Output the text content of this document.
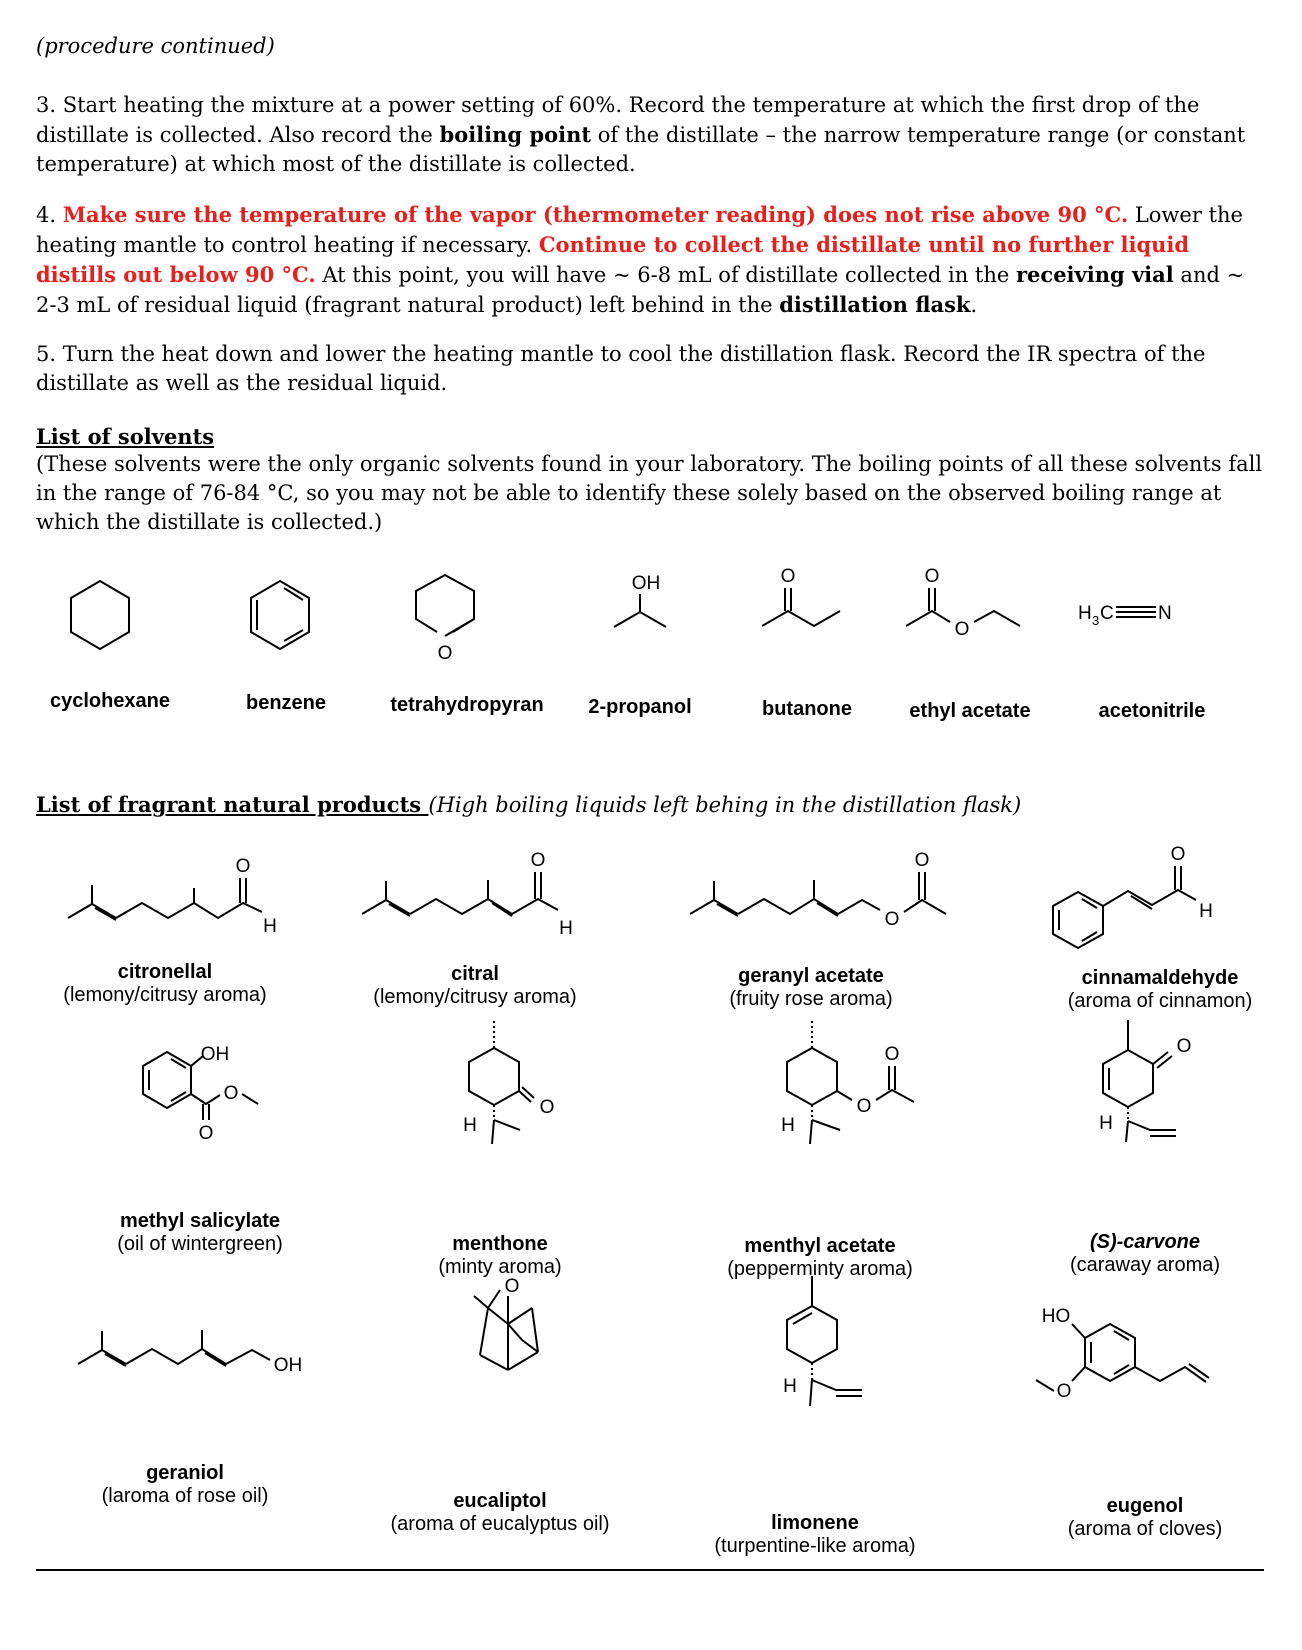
(procedure continued)
3. Start heating the mixture at a power setting of 60%. Record the temperature at which the first drop of the distillate is collected. Also record the boiling point of the distillate – the narrow temperature range (or constant temperature) at which most of the distillate is collected.
4. Make sure the temperature of the vapor (thermometer reading) does not rise above 90 °C. Lower the heating mantle to control heating if necessary. Continue to collect the distillate until no further liquid distills out below 90 °C. At this point, you will have ~ 6-8 mL of distillate collected in the receiving vial and ~ 2-3 mL of residual liquid (fragrant natural product) left behind in the distillation flask.
5. Turn the heat down and lower the heating mantle to cool the distillation flask. Record the IR spectra of the distillate as well as the residual liquid.
List of solvents
(These solvents were the only organic solvents found in your laboratory. The boiling points of all these solvents fall in the range of 76-84 °C, so you may not be able to identify these solely based on the observed boiling range at which the distillate is collected.)
O
OH	O	O
O
H 3 C N
cyclohexane	benzene	tetrahydropyran	2-propanol	butanone	ethyl acetate	acetonitrile
List of fragrant natural products (High boiling liquids left behing in the distillation flask)
O
H
O
H	O
O	O
H
OH
O
O
O
H
O
O
H
O
H
OH
O
H
HO
O
citronellal
(lemony/citrusy aroma)
citral
(lemony/citrusy aroma)
geranyl acetate
(fruity rose aroma)
cinnamaldehyde
(aroma of cinnamon)
methyl salicylate
(oil of wintergreen)	menthone
(minty aroma)
menthyl acetate
(pepperminty aroma)
(S)-carvone
(caraway aroma)
geraniol
(laroma of rose oil)	eucaliptol
(aroma of eucalyptus oil)	limonene
(turpentine-like aroma)
eugenol
(aroma of cloves)
